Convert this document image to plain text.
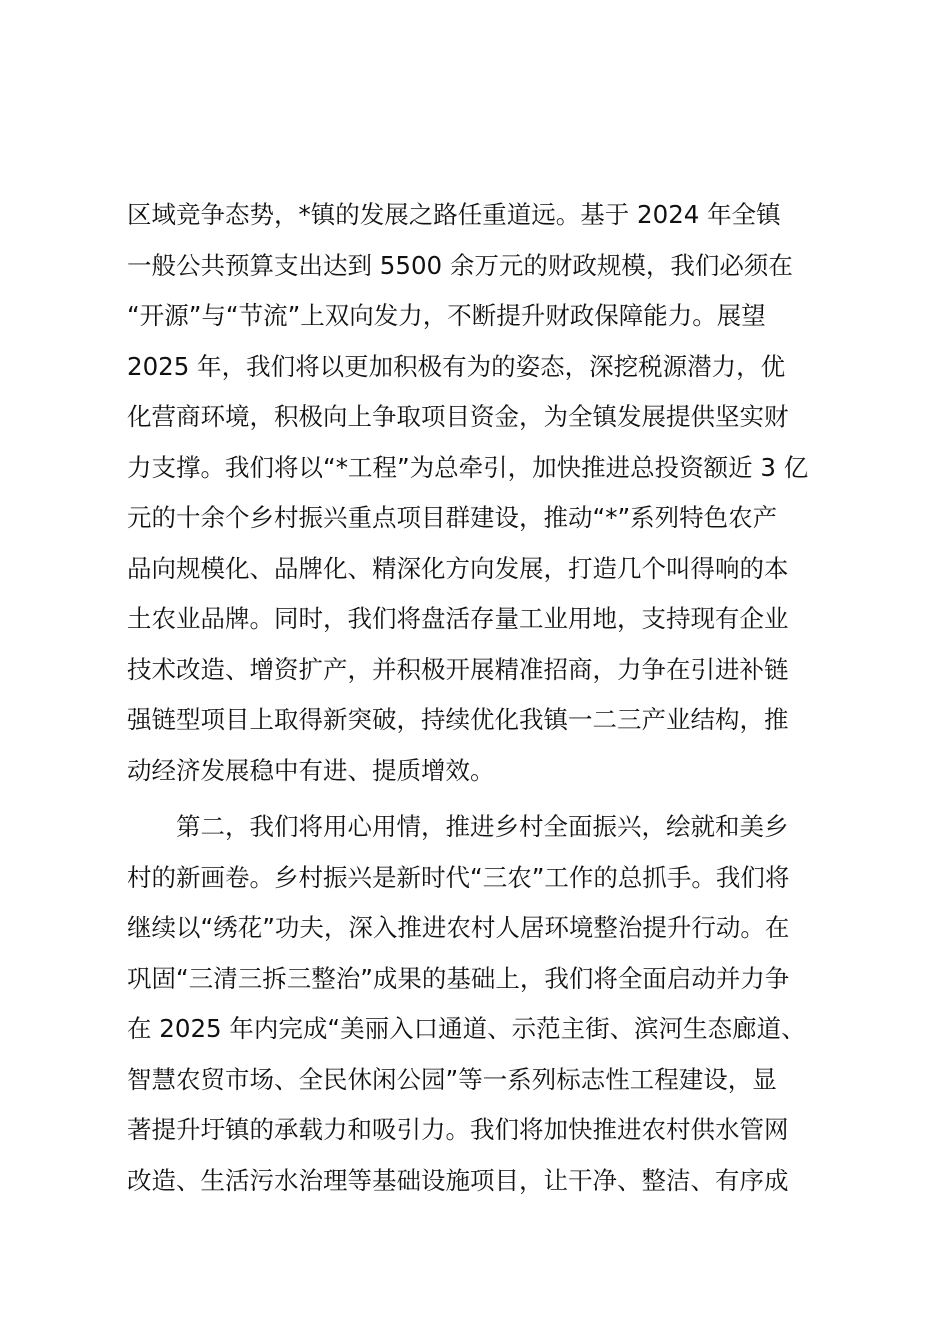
区域竞争态势，*镇的发展之路任重道远。基于 2024 年全镇
一般公共预算支出达到 5500 余万元的财政规模，我们必须在
“开源”与“节流”上双向发力，不断提升财政保障能力。展望
2025 年，我们将以更加积极有为的姿态，深挖税源潜力，优
化营商环境，积极向上争取项目资金，为全镇发展提供坚实财
力支撑。我们将以“*工程”为总牵引，加快推进总投资额近 3 亿
元的十余个乡村振兴重点项目群建设，推动“*”系列特色农产
品向规模化、品牌化、精深化方向发展，打造几个叫得响的本
土农业品牌。同时，我们将盘活存量工业用地，支持现有企业
技术改造、增资扩产，并积极开展精准招商，力争在引进补链
强链型项目上取得新突破，持续优化我镇一二三产业结构，推
动经济发展稳中有进、提质增效。
第二，我们将用心用情，推进乡村全面振兴，绘就和美乡
村的新画卷。乡村振兴是新时代“三农”工作的总抓手。我们将
继续以“绣花”功夫，深入推进农村人居环境整治提升行动。在
巩固“三清三拆三整治”成果的基础上，我们将全面启动并力争
在 2025 年内完成“美丽入口通道、示范主街、滨河生态廊道、
智慧农贸市场、全民休闲公园”等一系列标志性工程建设，显
著提升圩镇的承载力和吸引力。我们将加快推进农村供水管网
改造、生活污水治理等基础设施项目，让干净、整洁、有序成
